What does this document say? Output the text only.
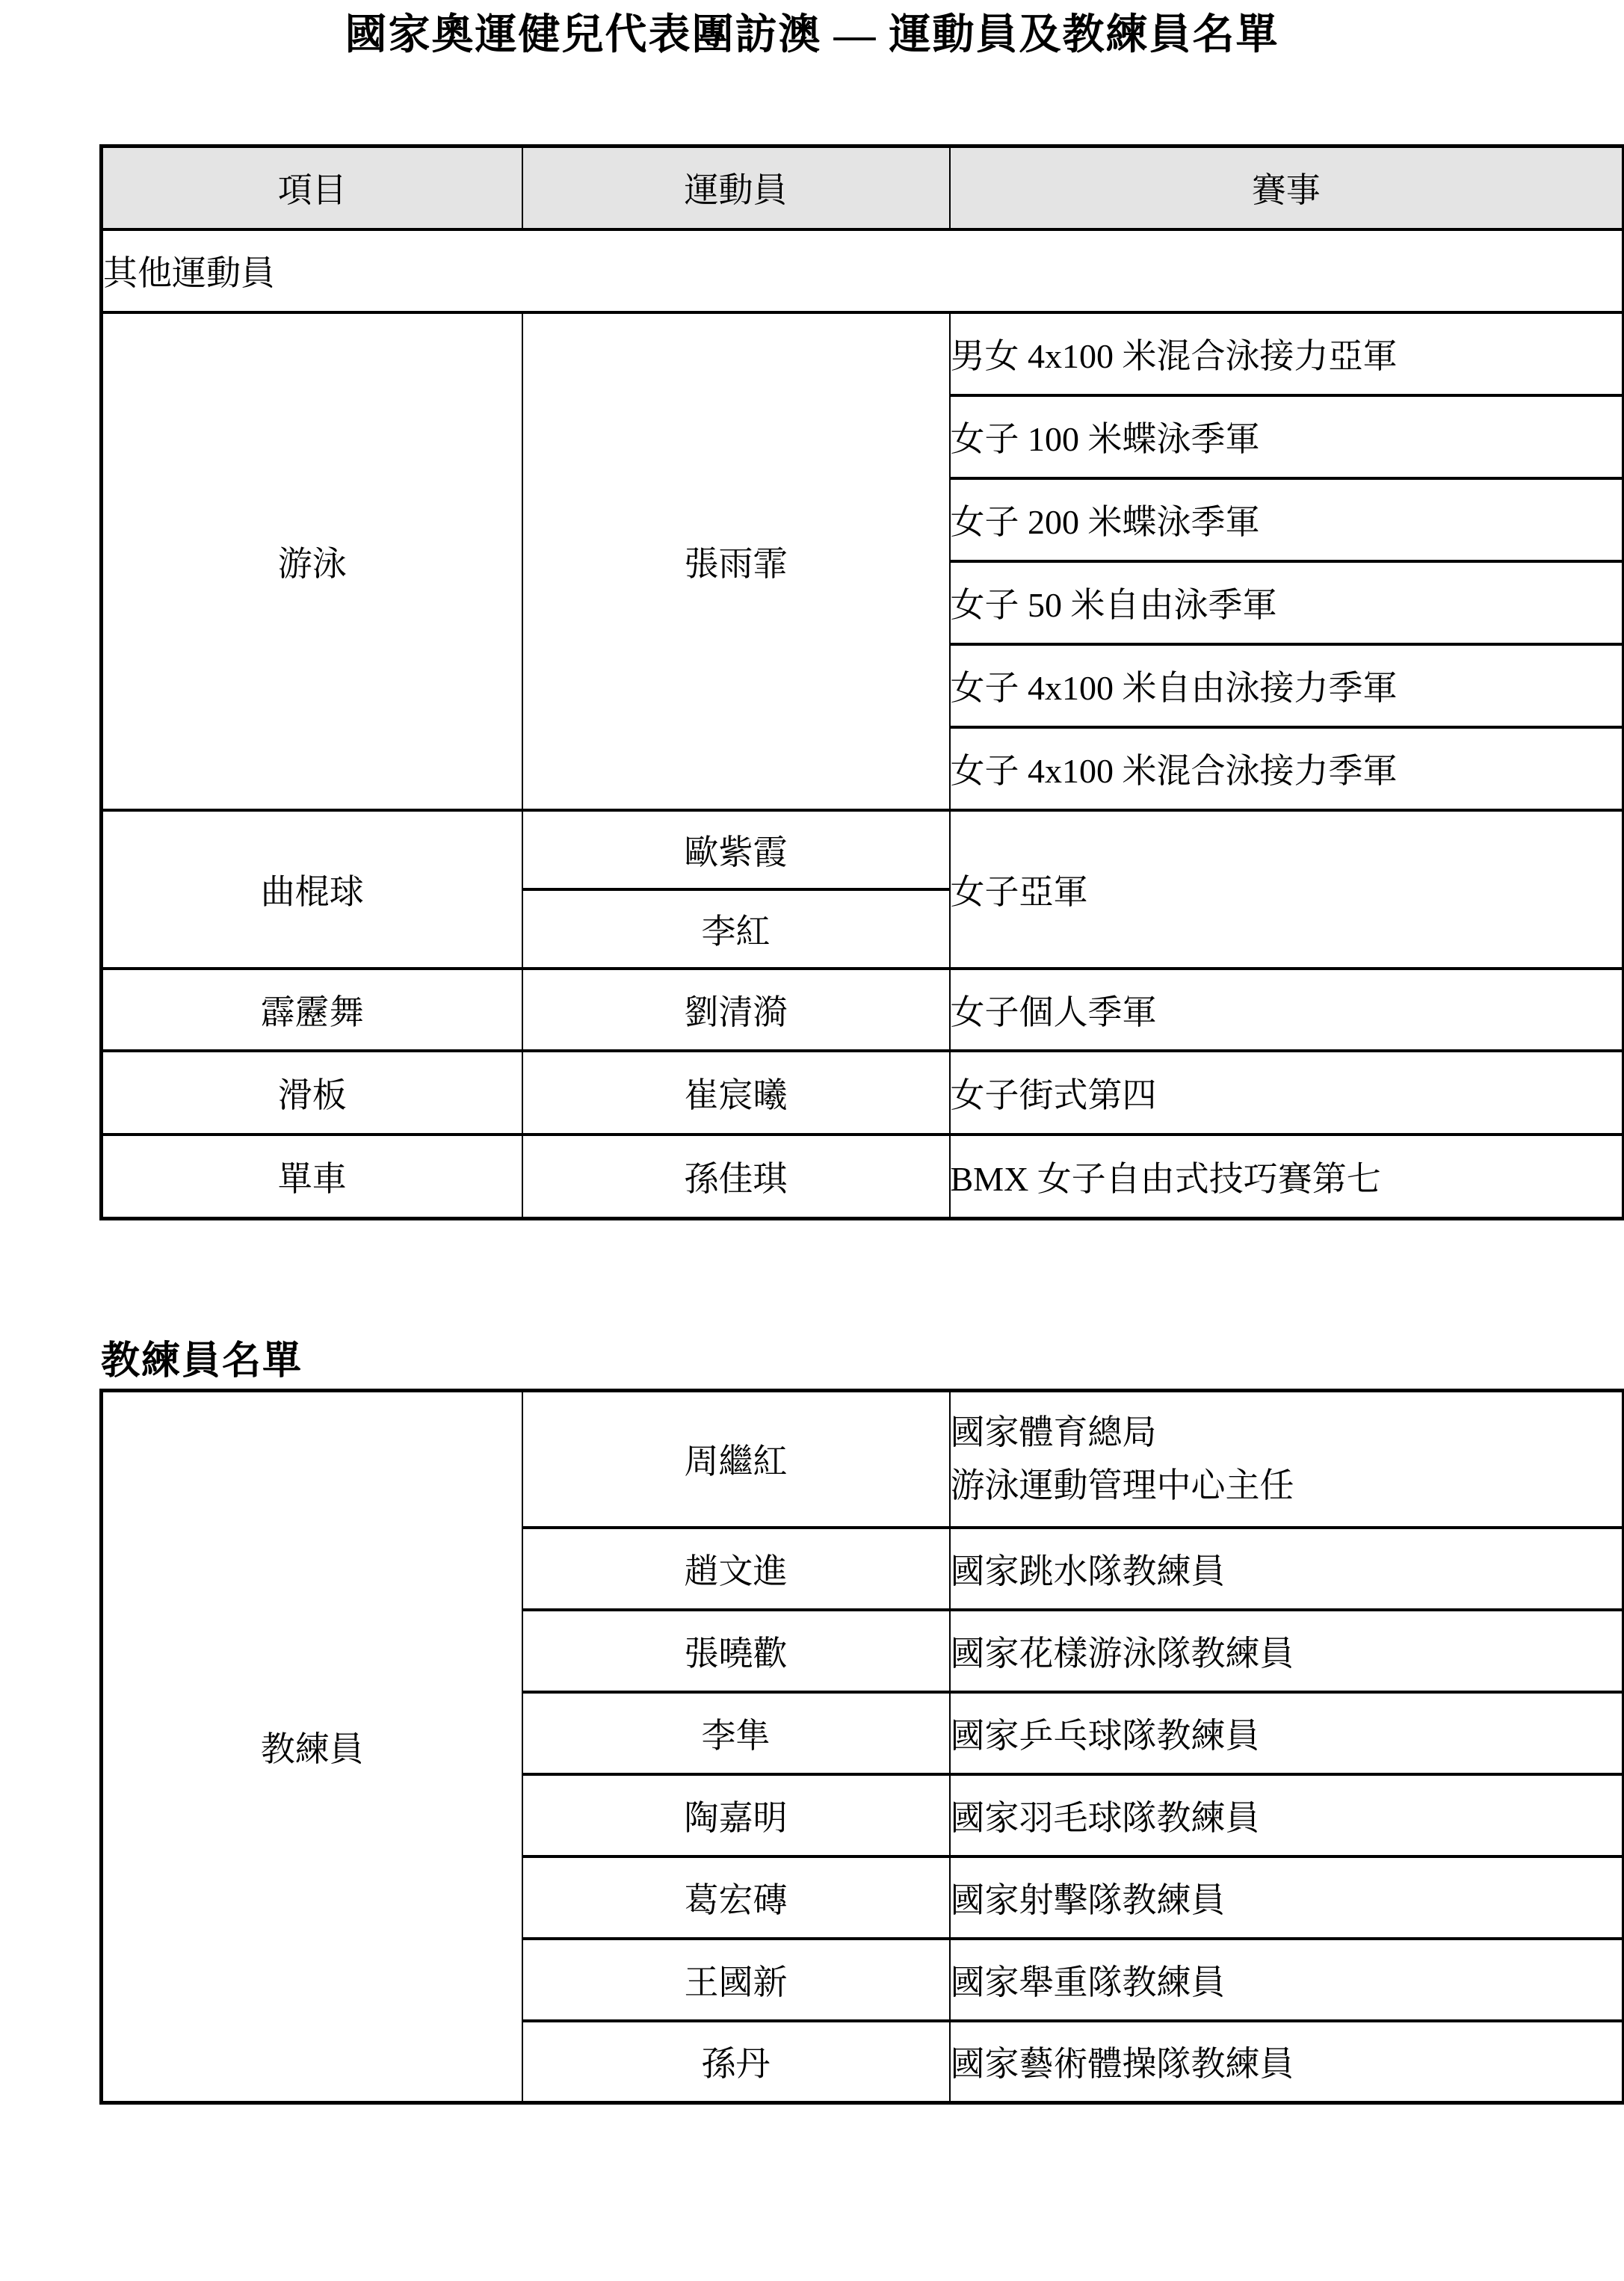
國家奧運健兒代表團訪澳 — 運動員及教練員名單
項目	運動員	賽事
其他運動員		
游泳	張雨霏	男女 4x100 米混合泳接力亞軍
		女子 100 米蝶泳季軍
		女子 200 米蝶泳季軍
		女子 50 米自由泳季軍
		女子 4x100 米自由泳接力季軍
		女子 4x100 米混合泳接力季軍
曲棍球	歐紫霞	女子亞軍
	李紅	
霹靂舞	劉清漪	女子個人季軍
滑板	崔宸曦	女子街式第四
單車	孫佳琪	BMX 女子自由式技巧賽第七
教練員名單
教練員	周繼紅	國家體育總局
游泳運動管理中心主任

	趙文進	國家跳水隊教練員
	張曉歡	國家花樣游泳隊教練員
	李隼	國家乒乓球隊教練員
	陶嘉明	國家羽毛球隊教練員
	葛宏磚	國家射擊隊教練員
	王國新	國家舉重隊教練員
	孫丹	國家藝術體操隊教練員
